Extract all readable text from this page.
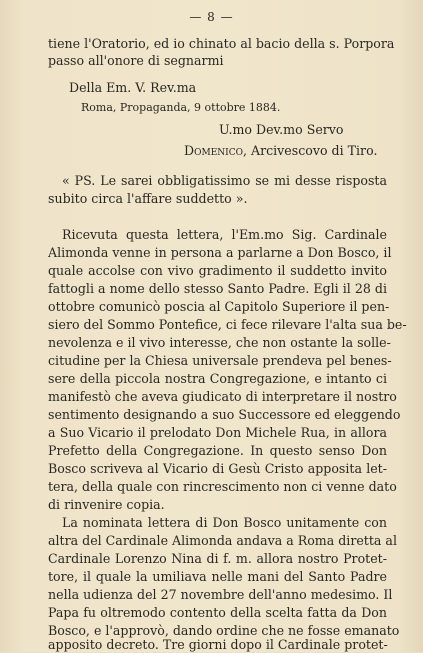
— 8 —
tiene l'Oratorio, ed io chinato al bacio della s. Porpora
passo all'onore di segnarmi
Della Em. V. Rev.ma
Roma, Propaganda, 9 ottobre 1884.
U.mo Dev.mo Servo
Domenico, Arcivescovo di Tiro.
« PS. Le sarei obbligatissimo se mi desse risposta
subito circa l'affare suddetto ».
Ricevuta questa lettera, l'Em.mo Sig. Cardinale
Alimonda venne in persona a parlarne a Don Bosco, il
quale accolse con vivo gradimento il suddetto invito
fattogli a nome dello stesso Santo Padre. Egli il 28 di
ottobre comunicò poscia al Capitolo Superiore il pen-
siero del Sommo Pontefice, ci fece rilevare l'alta sua be-
nevolenza e il vivo interesse, che non ostante la solle-
citudine per la Chiesa universale prendeva pel benes-
sere della piccola nostra Congregazione, e intanto ci
manifestò che aveva giudicato di interpretare il nostro
sentimento designando a suo Successore ed eleggendo
a Suo Vicario il prelodato Don Michele Rua, in allora
Prefetto della Congregazione. In questo senso Don
Bosco scriveva al Vicario di Gesù Cristo apposita let-
tera, della quale con rincrescimento non ci venne dato
di rinvenire copia.
La nominata lettera di Don Bosco unitamente con
altra del Cardinale Alimonda andava a Roma diretta al
Cardinale Lorenzo Nina di f. m. allora nostro Protet-
tore, il quale la umiliava nelle mani del Santo Padre
nella udienza del 27 novembre dell'anno medesimo. Il
Papa fu oltremodo contento della scelta fatta da Don
Bosco, e l'approvò, dando ordine che ne fosse emanato
apposito decreto. Tre giorni dopo il Cardinale protet-
